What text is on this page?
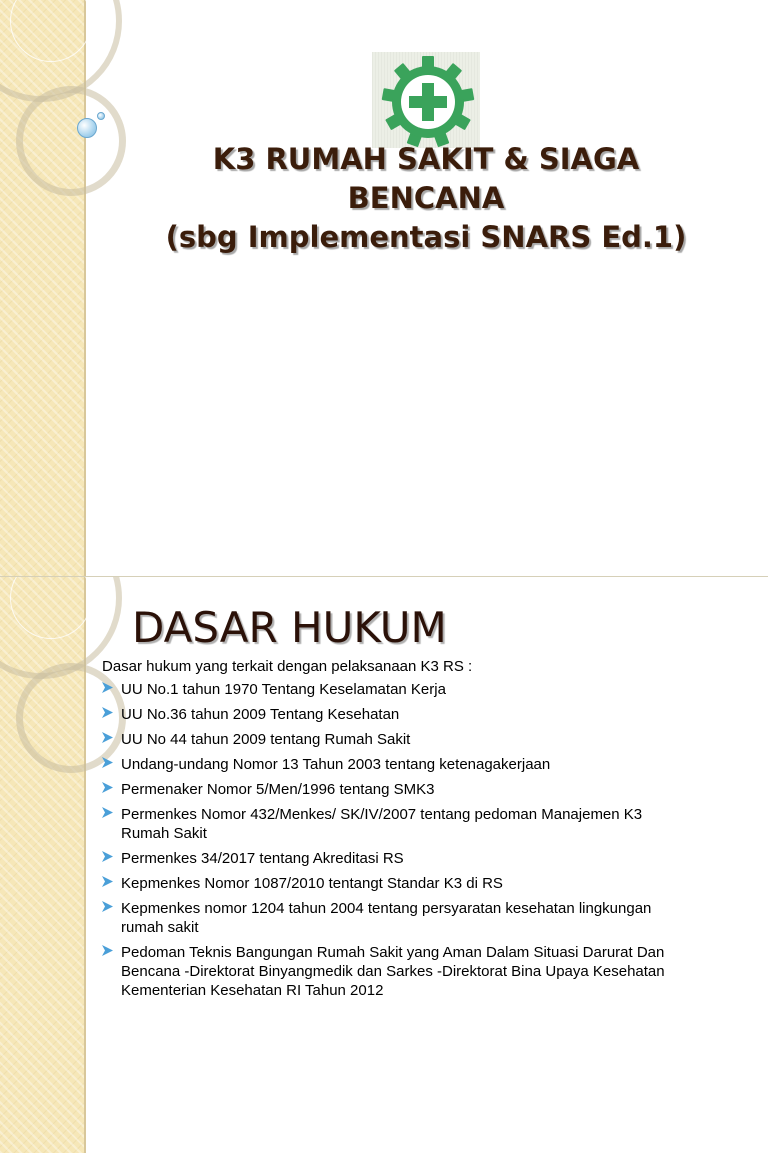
K3 RUMAH SAKIT & SIAGA
BENCANA
(sbg Implementasi SNARS Ed.1)
DASAR HUKUM
Dasar hukum yang terkait dengan pelaksanaan K3 RS :
UU No.1 tahun 1970 Tentang Keselamatan Kerja
UU No.36 tahun 2009 Tentang Kesehatan
UU No 44 tahun 2009 tentang Rumah Sakit
Undang-undang Nomor 13 Tahun 2003 tentang ketenagakerjaan
Permenaker Nomor 5/Men/1996 tentang SMK3
Permenkes Nomor 432/Menkes/ SK/IV/2007 tentang pedoman Manajemen K3
Rumah Sakit
Permenkes 34/2017 tentang Akreditasi RS
Kepmenkes Nomor 1087/2010 tentangt Standar K3 di RS
Kepmenkes nomor 1204 tahun 2004 tentang persyaratan kesehatan lingkungan
rumah sakit
Pedoman Teknis Bangungan Rumah Sakit yang Aman Dalam Situasi Darurat Dan
Bencana -Direktorat Binyangmedik dan Sarkes -Direktorat Bina Upaya Kesehatan
Kementerian Kesehatan RI Tahun 2012
